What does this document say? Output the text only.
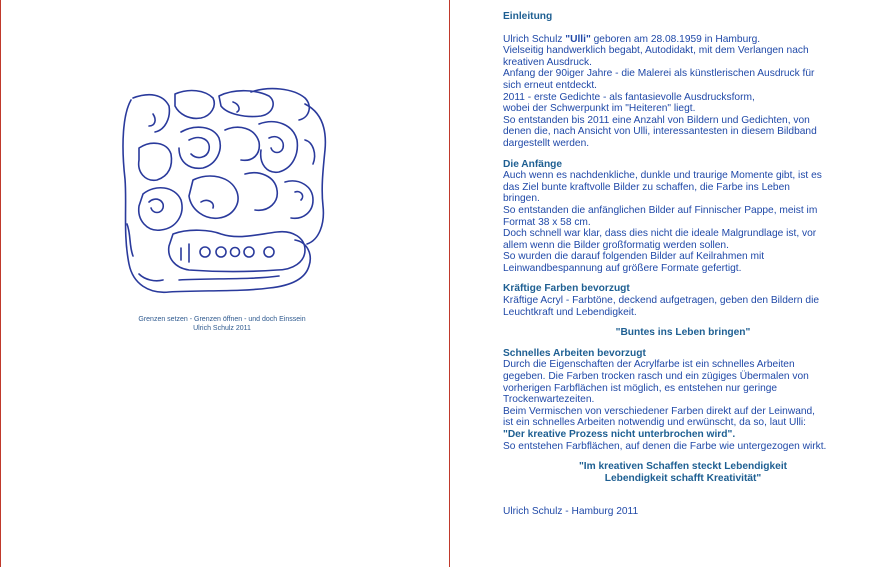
Grenzen setzen - Grenzen öffnen - und doch Einssein
Ulrich Schulz 2011

Einleitung

Ulrich Schulz "Ulli" geboren am 28.08.1959 in Hamburg.

Vielseitig handwerklich begabt, Autodidakt, mit dem Verlangen nach

kreativen Ausdruck.

Anfang der 90iger Jahre - die Malerei als künstlerischen Ausdruck für

sich erneut entdeckt.

2011 - erste Gedichte - als fantasievolle Ausdrucksform,

wobei der Schwerpunkt im "Heiteren" liegt.

So entstanden bis 2011 eine Anzahl von Bildern und Gedichten, von

denen die, nach Ansicht von Ulli, interessantesten in diesem Bildband

dargestellt werden.

Die Anfänge

Auch wenn es nachdenkliche, dunkle und traurige Momente gibt, ist es

das Ziel bunte kraftvolle Bilder zu schaffen, die Farbe ins Leben

bringen.

So entstanden die anfänglichen Bilder auf Finnischer Pappe, meist im

Format 38 x 58 cm.

Doch schnell war klar, dass dies nicht die ideale Malgrundlage ist, vor

allem wenn die Bilder großformatig werden sollen.

So wurden die darauf folgenden Bilder auf Keilrahmen mit

Leinwandbespannung auf größere Formate gefertigt.

Kräftige Farben bevorzugt

Kräftige Acryl - Farbtöne, deckend aufgetragen, geben den Bildern die

Leuchtkraft und Lebendigkeit.

"Buntes ins Leben bringen"

Schnelles Arbeiten bevorzugt

Durch die Eigenschaften der Acrylfarbe ist ein schnelles Arbeiten

gegeben. Die Farben trocken rasch und ein zügiges Übermalen von

vorherigen Farbflächen ist möglich, es entstehen nur geringe

Trockenwartezeiten.

Beim Vermischen von verschiedener Farben direkt auf der Leinwand,

ist ein schnelles Arbeiten notwendig und erwünscht, da so, laut Ulli:

"Der kreative Prozess nicht unterbrochen wird".

So entstehen Farbflächen, auf denen die Farbe wie untergezogen wirkt.

"Im kreativen Schaffen steckt Lebendigkeit

Lebendigkeit schafft Kreativität"

Ulrich Schulz - Hamburg 2011
